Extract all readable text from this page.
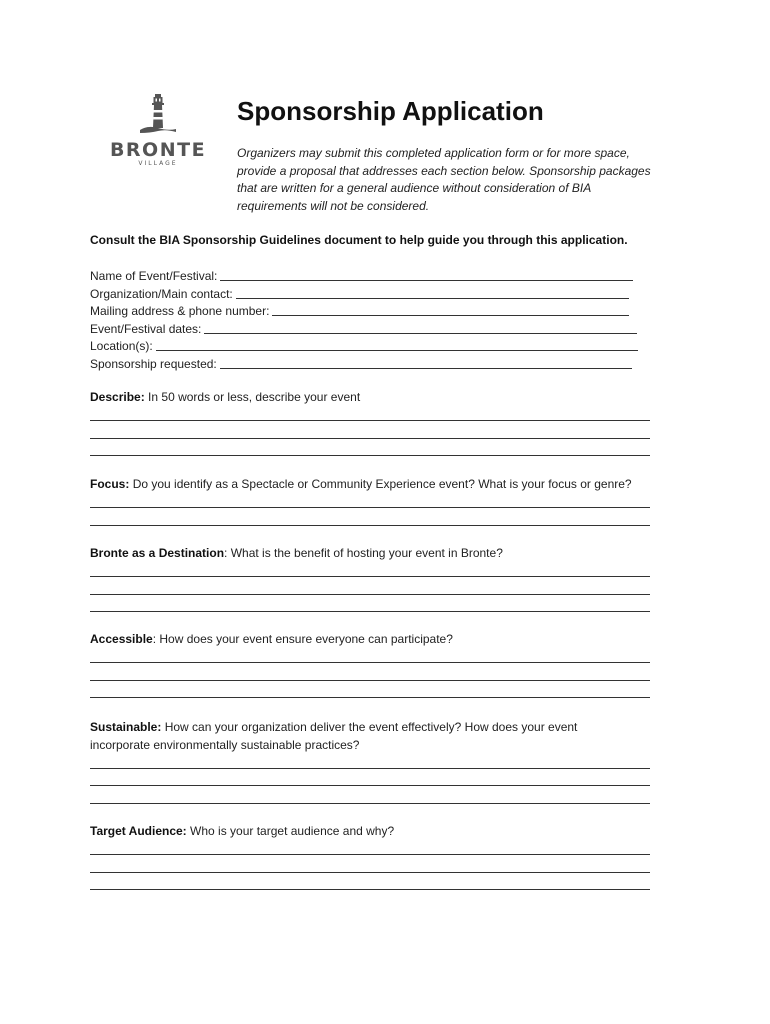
BRONTE
VILLAGE
Sponsorship Application
Organizers may submit this completed application form or for more space,
provide a proposal that addresses each section below. Sponsorship packages
that are written for a general audience without consideration of BIA
requirements will not be considered.
Consult the BIA Sponsorship Guidelines document to help guide you through this application.
Name of Event/Festival:
Organization/Main contact:
Mailing address & phone number:
Event/Festival dates:
Location(s):
Sponsorship requested:
Describe: In 50 words or less, describe your event
Focus: Do you identify as a Spectacle or Community Experience event? What is your focus or genre?
Bronte as a Destination: What is the benefit of hosting your event in Bronte?
Accessible: How does your event ensure everyone can participate?
Sustainable: How can your organization deliver the event effectively? How does your event
incorporate environmentally sustainable practices?
Target Audience: Who is your target audience and why?
